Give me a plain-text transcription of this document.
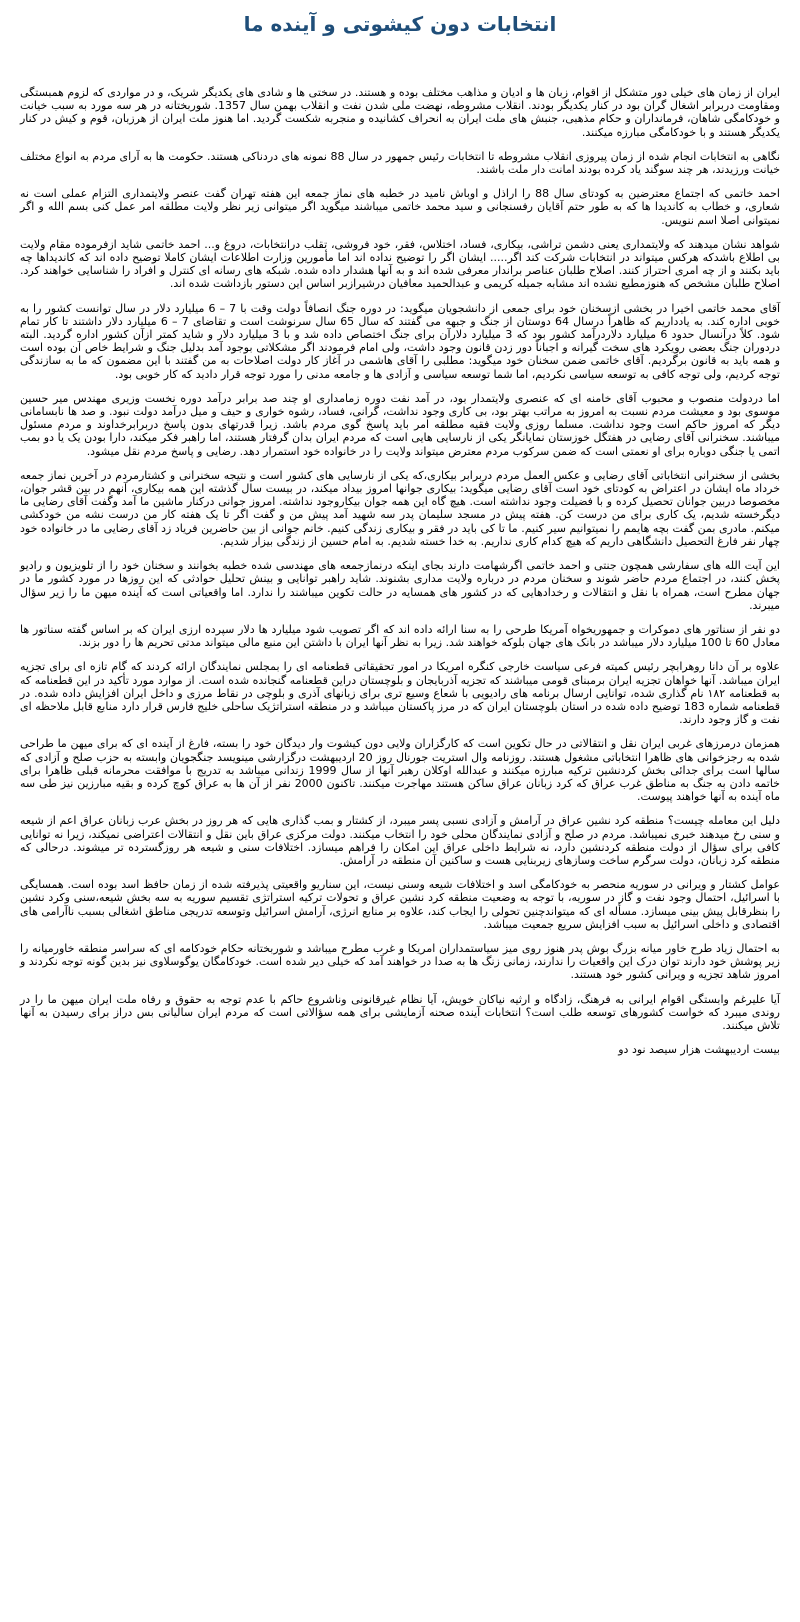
انتخابات دون کیشوتی و آینده ما

ایران از زمان های خیلی دور متشکل از اقوام، زبان ها و ادیان و مذاهب مختلف بوده و هستند. در سختی ها و شادی های یکدیگر شریک، و در مواردی که لزوم همبستگی ومقاومت دربرابر اشغال گران بود در کنار یکدیگر بودند. انقلاب مشروطه، نهضت ملی شدن نفت و انقلاب بهمن سال 1357. شوربختانه در هر سه مورد به سبب خیانت و خودکامگی شاهان، فرمانداران و حکام مذهبی، جنبش های ملت ایران به انحراف کشانیده و منجربه شکست گردید. اما هنوز ملت ایران از هرزبان، قوم و کیش در کنار یکدیگر هستند و با خودکامگی مبارزه میکنند.

نگاهی به انتخابات انجام شده از زمان پیروزی انقلاب مشروطه تا انتخابات رئیس جمهور در سال 88 نمونه های دردناکی هستند. حکومت ها به آرای مردم به انواع مختلف خیانت ورزیدند، هر چند سوگند یاد کرده بودند امانت دار ملت باشند.

احمد خاتمی که اجتماع معترضین به کودتای سال 88 را اراذل و اوباش نامید در خطبه های نماز جمعه این هفته تهران گفت عنصر ولایتمداری التزام عملی است نه شعاری، و خطاب به کاندیدا ها که به طور حتم آقایان رفسنجانی و سید محمد خاتمی میباشند میگوید اگر میتوانی زیر نظر ولایت مطلقه امر عمل کنی بسم الله و اگر نمیتوانی اصلا اسم ننویس.

شواهد نشان میدهند که ولایتمداری یعنی دشمن تراشی، بیکاری، فساد، اختلاس، فقر، خود فروشی، تقلب درانتخابات، دروغ و... احمد خاتمی شاید ازفرموده مقام ولایت بی اطلاع باشدکه هرکس میتواند در انتخابات شرکت کند اگر..... ایشان اگر را توضیح نداده اند اما مأمورین وزارت اطلاعات ایشان کاملا توضیح داده اند که کاندیداها چه باید بکنند و از چه امری احتراز کنند. اصلاح طلبان عناصر براندار معرفی شده اند و به آنها هشدار داده شده. شبکه های رسانه ای کنترل و افراد را شناسایی خواهند کرد. اصلاح طلبان مشخص که هنوزمطیع نشده اند مشابه جمیله کریمی و عبدالحمید معافیان درشیرازبر اساس این دستور بازداشت شده اند.

آقای محمد خاتمی اخیرا در بخشی ازسخنان خود برای جمعی از دانشجویان میگوید: در دوره جنگ انصافاً دولت وقت با 7 – 6 میلیارد دلار در سال توانست کشور را به خوبی اداره کند. به یادداریم که ظاهراً درسال 64 دوستان از جنگ و جبهه می گفتند که سال 65 سال سرنوشت است و تقاضای 7 – 6 میلیارد دلار داشتند تا کار تمام شود. کلاً درآنسال حدود 6 میلیارد دلاردرآمد کشور بود که 3 میلیارد دلارآن برای جنگ اختصاص داده شد و با 3 میلیارد دلار و شاید کمتر ازآن کشور اداره گردید. البته دردوران جنگ بعضی رویکرد های سخت گیرانه و اجباناً دور زدن قانون وجود داشت، ولی امام فرمودند اگر مشکلاتی بوجود آمد بدلیل جنگ و شرایط خاص آن بوده است و همه باید به قانون برگردیم. آقای خاتمی ضمن سخنان خود میگوید: مطلبی را آقای هاشمی در آغاز کار دولت اصلاحات به من گفتند با این مضمون که ما به سازندگی توجه کردیم، ولی توجه کافی به توسعه سیاسی نکردیم، اما شما توسعه سیاسی و آزادی ها و جامعه مدنی را مورد توجه قرار دادید که کار خوبی بود.

اما دردولت منصوب و محبوب آقای خامنه ای که عنصری ولایتمدار بود، در آمد نفت دوره زمامداری او چند صد برابر درآمد دوره نخست وزیری مهندس میر حسین موسوی بود و معیشت مردم نسبت به امروز به مراتب بهتر بود، بی کاری وجود نداشت، گرانی، فساد، رشوه خواری و حیف و میل درآمد دولت نبود. و صد ها نابسامانی دیگر که امروز حاکم است وجود نداشت. مسلما روزی ولایت فقیه مطلقه امر باید پاسخ گوی مردم باشد. زیرا قدرتهای بدون پاسخ دربرابرخداوند و مردم مسئول میباشند. سخنرانی آقای رضایی در هفتگل خوزستان نمایانگر یکی از نارسایی هایی است که مردم ایران بدان گرفتار هستند، اما راهبر فکر میکند، دارا بودن یک یا دو بمب اتمی یا جنگی دوباره برای او نعمتی است که ضمن سرکوب مردم معترض میتواند ولایت را در خانواده خود استمرار دهد. رضایی و پاسخ مردم نقل میشود.

بخشی از سخنرانی انتخاباتی آقای رضایی و عکس العمل مردم دربرابر بیکاری،که یکی از نارسایی های کشور است و نتیجه سخنرانی و کشتارمردم در آخرین نماز جمعه خرداد ماه ایشان در اعتراض به کودتای خود است آقای رضایی میگوید: بیکاری جوانها امروز بیداد میکند، در بیست سال گذشته این همه بیکاری، آنهم در بین قشر جوان، مخصوصا دربین جوانان تحصیل کرده و با فضیلت وجود نداشته است. هیچ گاه این همه جوان بیکاروجود نداشته. امروز جوانی درکنار ماشین ما آمد وگفت آقای رضایی ما دیگرخسته شدیم، یک کاری برای من درست کن. هفته پیش در مسجد سلیمان پدر سه شهید آمد پیش من و گفت اگر تا یک هفته کار من درست نشه من خودکشی میکنم. مادری بمن گفت بچه هایمم را نمیتوانیم سیر کنیم. ما تا کی باید در فقر و بیکاری زندگی کنیم. خانم جوانی از بین حاضرین فریاد زد آقای رضایی ما در خانواده خود چهار نفر فارغ التحصیل دانشگاهی داریم که هیچ کدام کاری نداریم. به خدا خسته شدیم. به امام حسین از زندگی بیزار شدیم.

این آیت الله های سفارشی همچون جنتی و احمد خاتمی اگرشهامت دارند بجای اینکه درنمازجمعه های مهندسی شده خطبه بخوانند و سخنان خود را از تلویزیون و رادیو پخش کنند، در اجتماع مردم حاضر شوند و سخنان مردم در درباره ولایت مداری بشنوند. شاید راهبر توانایی و بینش تحلیل حوادثی که این روزها در مورد کشور ما در جهان مطرح است، همراه با نقل و انتقالات و رخدادهایی که در کشور های همسایه در حالت تکوین میباشند را ندارد. اما واقعیاتی است که آینده میهن ما را زیر سؤال میبرند.

دو نفر از سناتور های دموکرات و جمهوریخواه آمریکا طرحی را به سنا ارائه داده اند که اگر تصویب شود میلیارد ها دلار سپرده ارزی ایران که بر اساس گفته سناتور ها معادل 60 تا 100 میلیارد دلار میباشد در بانک های جهان بلوکه خواهند شد. زیرا به نظر آنها ایران با داشتن این منبع مالی میتواند مدتی تحریم ها را دور بزند.

علاوه بر آن دانا روهرابچر رئیس کمیته فرعی سیاست خارجی کنگره امریکا در امور تحقیقاتی قطعنامه ای را بمجلس نمایندگان ارائه کردند که گام تازه ای برای تجزیه ایران میباشد. آنها خواهان تجزیه ایران برمبنای قومی میباشند که تجزیه آذربایجان و بلوچستان دراین قطعنامه گنجانده شده است. از موارد مورد تأکید در این قطعنامه که به قطعنامه ۱۸۲ نام گذاری شده، توانایی ارسال برنامه های رادیویی با شعاع وسیع تری برای زبانهای آذری و بلوچی در نقاط مرزی و داخل ایران افزایش داده شده. در قطعنامه شماره 183 توضیح داده شده در استان بلوچستان ایران که در مرز پاکستان میباشد و در منطقه استراتژیک ساحلی خلیج فارس قرار دارد منابع قابل ملاحظه ای نفت و گاز وجود دارند.

همزمان درمرزهای غربی ایران نقل و انتقالاتی در حال تکوین است که کارگزاران ولایی دون کیشوت وار دیدگان خود را بسته، فارغ از آینده ای که برای میهن ما طراحی شده به رجزخوانی های ظاهرا انتخاباتی مشغول هستند. روزنامه وال استریت جورنال روز 20 اردیبهشت درگزارشی مینویسد جنگجویان وابسته به حزب صلح و آزادی که سالها است برای جدائی بخش کردنشین ترکیه مبارزه میکنند و عبدالله اوکلان رهبر آنها از سال 1999 زندانی میباشد به تدریج با موافقت محرمانه قبلی ظاهرا برای خاتمه دادن به جنگ به مناطق غرب عراق که کرد زبانان عراق ساکن هستند مهاجرت میکنند. تاکنون 2000 نفر از آن ها به عراق کوچ کرده و بقیه مبارزین نیز طی سه ماه آینده به آنها خواهند پیوست.

دلیل این معامله چیست؟ منطقه کرد نشین عراق در آرامش و آزادی نسبی پسر میبرد، از کشتار و بمب گذاری هایی که هر روز در بخش عرب زبانان عراق اعم از شیعه و سنی رخ میدهند خبری نمیباشد. مردم در صلح و آزادی نمایندگان محلی خود را انتخاب میکنند. دولت مرکزی عراق باین نقل و انتقالات اعتراضی نمیکند، زیرا نه توانایی کافی برای سؤال از دولت منطقه کردنشین دارد، نه شرایط داخلی عراق این امکان را فراهم میسازد. اختلافات سنی و شیعه هر روزگسترده تر میشوند. درحالی که منطقه کرد زبانان، دولت سرگرم ساخت وسازهای زیربنایی هست و ساکنین آن منطقه در آرامش.

عوامل کشتار و ویرانی در سوریه منحصر به خودکامگی اسد و اختلافات شیعه وسنی نیست، این سناریو واقعیتی پذیرفته شده از زمان حافظ اسد بوده است. همسایگی با اسرائیل، احتمال وجود نفت و گاز در سوریه، با توجه به وضعیت منطقه کرد نشین عراق و تحولات ترکیه استراتژی تقسیم سوریه به سه بخش شیعه،سنی وکرد نشین را بنظرقابل پیش بینی میسازد. مسأله ای که میتواندچنین تحولی را ایجاب کند، علاوه بر منابع انرژی، آرامش اسرائیل وتوسعه تدریجی مناطق اشغالی بسبب ناآرامی های اقتصادی و داخلی اسرائیل به سبب افزایش سریع جمعیت میباشد.

به احتمال زیاد طرح خاور میانه بزرگ بوش پدر هنوز روی میز سیاستمداران امریکا و غرب مطرح میباشد و شوربختانه حکام خودکامه ای که سراسر منطقه خاورمیانه را زیر پوشش خود دارند توان درک این واقعیات را ندارند، زمانی زنگ ها به صدا در خواهند آمد که خیلی دیر شده است. خودکامگان یوگوسلاوی نیز بدین گونه توجه نکردند و امروز شاهد تجزیه و ویرانی کشور خود هستند.

آیا علیرغم وابستگی اقوام ایرانی به فرهنگ، زادگاه و ارثیه نیاکان خویش، آیا نظام غیرقانونی وناشروع حاکم با عدم توجه به حقوق و رفاه ملت ایران میهن ما را در روندی میبرد که خواست کشورهای توسعه طلب است؟ انتخابات آینده صحنه آزمایشی برای همه سؤالاتی است که مردم ایران سالیانی بس دراز برای رسیدن به آنها تلاش میکنند.

بیست اردیبهشت هزار سیصد نود دو
